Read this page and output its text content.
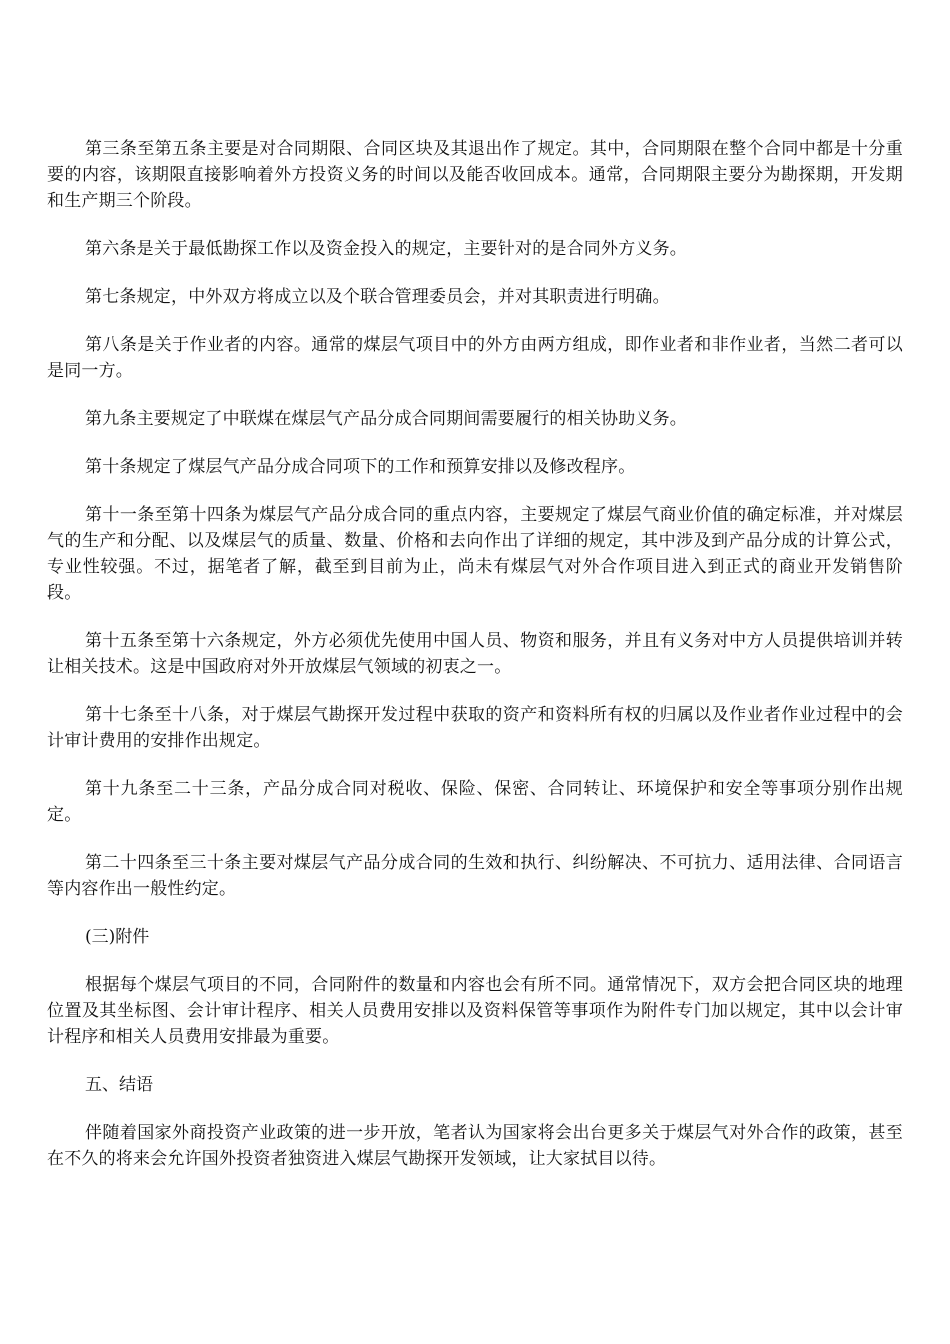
第三条至第五条主要是对合同期限、合同区块及其退出作了规定。其中，合同期限在整个合同中都是十分重要的内容，该期限直接影响着外方投资义务的时间以及能否收回成本。通常，合同期限主要分为勘探期，开发期和生产期三个阶段。

第六条是关于最低勘探工作以及资金投入的规定，主要针对的是合同外方义务。

第七条规定，中外双方将成立以及个联合管理委员会，并对其职责进行明确。

第八条是关于作业者的内容。通常的煤层气项目中的外方由两方组成，即作业者和非作业者，当然二者可以是同一方。

第九条主要规定了中联煤在煤层气产品分成合同期间需要履行的相关协助义务。

第十条规定了煤层气产品分成合同项下的工作和预算安排以及修改程序。

第十一条至第十四条为煤层气产品分成合同的重点内容，主要规定了煤层气商业价值的确定标准，并对煤层气的生产和分配、以及煤层气的质量、数量、价格和去向作出了详细的规定，其中涉及到产品分成的计算公式，专业性较强。不过，据笔者了解，截至到目前为止，尚未有煤层气对外合作项目进入到正式的商业开发销售阶段。

第十五条至第十六条规定，外方必须优先使用中国人员、物资和服务，并且有义务对中方人员提供培训并转让相关技术。这是中国政府对外开放煤层气领域的初衷之一。

第十七条至十八条，对于煤层气勘探开发过程中获取的资产和资料所有权的归属以及作业者作业过程中的会计审计费用的安排作出规定。

第十九条至二十三条，产品分成合同对税收、保险、保密、合同转让、环境保护和安全等事项分别作出规定。

第二十四条至三十条主要对煤层气产品分成合同的生效和执行、纠纷解决、不可抗力、适用法律、合同语言等内容作出一般性约定。

(三)附件

根据每个煤层气项目的不同，合同附件的数量和内容也会有所不同。通常情况下，双方会把合同区块的地理位置及其坐标图、会计审计程序、相关人员费用安排以及资料保管等事项作为附件专门加以规定，其中以会计审计程序和相关人员费用安排最为重要。

五、结语

伴随着国家外商投资产业政策的进一步开放，笔者认为国家将会出台更多关于煤层气对外合作的政策，甚至在不久的将来会允许国外投资者独资进入煤层气勘探开发领域，让大家拭目以待。
